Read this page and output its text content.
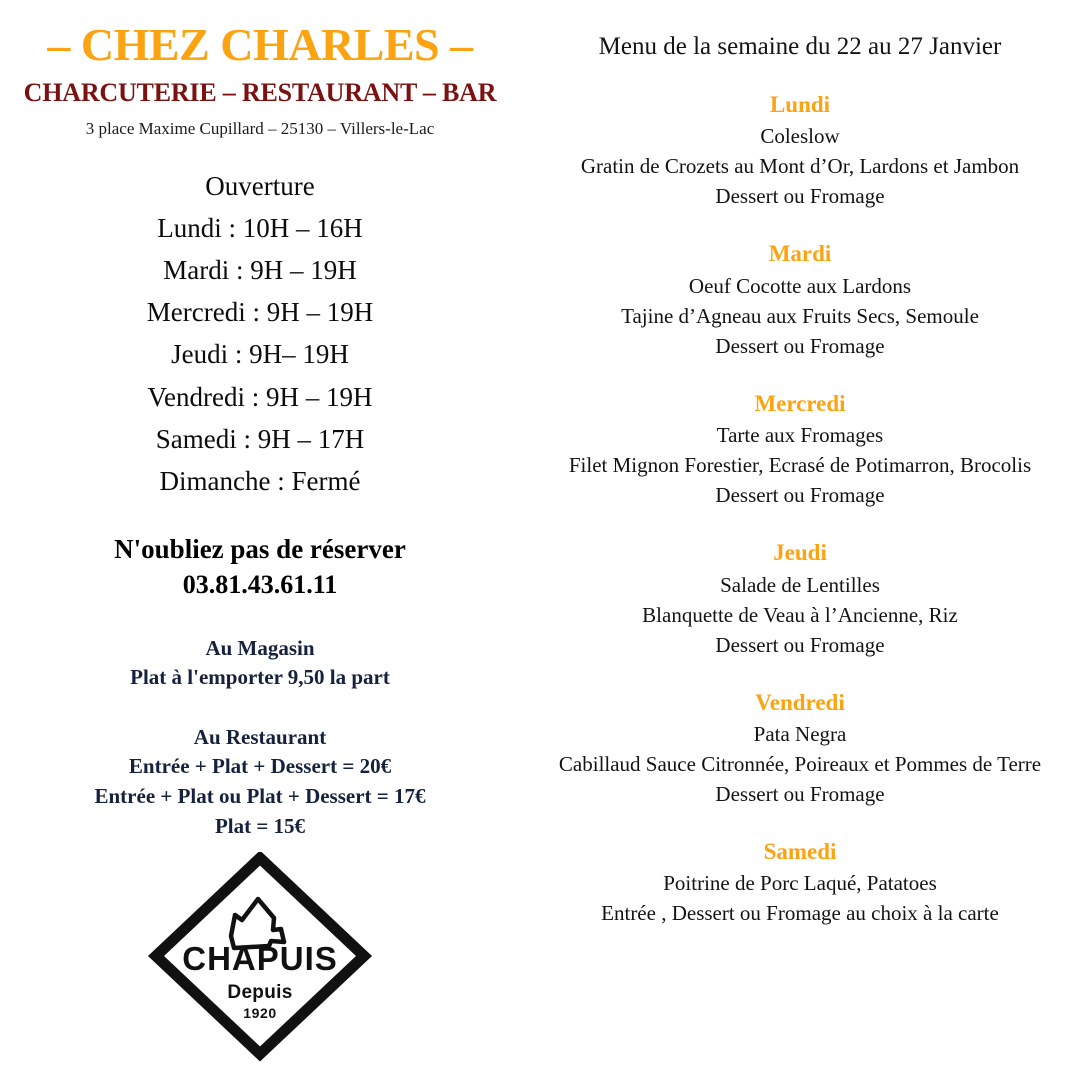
– CHEZ CHARLES –
CHARCUTERIE – RESTAURANT – BAR
3 place Maxime Cupillard – 25130 – Villers-le-Lac
Ouverture
Lundi : 10H – 16H
Mardi : 9H – 19H
Mercredi : 9H – 19H
Jeudi : 9H– 19H
Vendredi : 9H – 19H
Samedi : 9H – 17H
Dimanche : Fermé
N'oubliez pas de réserver
03.81.43.61.11
Au Magasin
Plat à l'emporter 9,50 la part
Au Restaurant
Entrée + Plat + Dessert = 20€
Entrée + Plat ou Plat + Dessert = 17€
Plat = 15€
CHAPUIS
Depuis
1920
Menu de la semaine du 22 au 27 Janvier
Lundi
Coleslow
Gratin de Crozets au Mont d’Or, Lardons et Jambon
Dessert ou Fromage
Mardi
Oeuf Cocotte aux Lardons
Tajine d’Agneau aux Fruits Secs, Semoule
Dessert ou Fromage
Mercredi
Tarte aux Fromages
Filet Mignon Forestier, Ecrasé de Potimarron, Brocolis
Dessert ou Fromage
Jeudi
Salade de Lentilles
Blanquette de Veau à l’Ancienne, Riz
Dessert ou Fromage
Vendredi
Pata Negra
Cabillaud Sauce Citronnée, Poireaux et Pommes de Terre
Dessert ou Fromage
Samedi
Poitrine de Porc Laqué, Patatoes
Entrée , Dessert ou Fromage au choix à la carte
